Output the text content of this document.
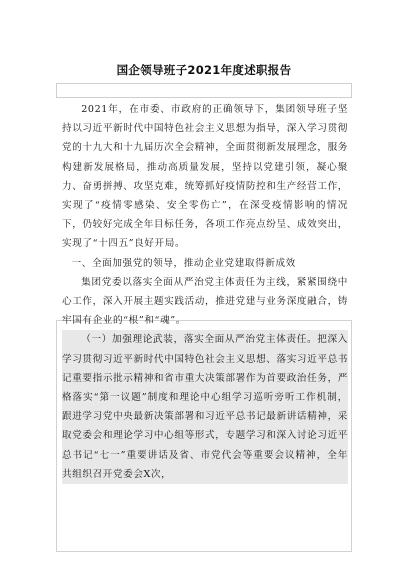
国企领导班子2021年度述职报告

2021年，在市委、市政府的正确领导下，集团领导班子坚持以习近平新时代中国特色社会主义思想为指导，深入学习贯彻党的十九大和十九届历次全会精神，全面贯彻新发展理念，服务构建新发展格局，推动高质量发展，坚持以党建引领，凝心聚力、奋勇拼搏、攻坚克难，统筹抓好疫情防控和生产经营工作，实现了“疫情零感染、安全零伤亡”，在深受疫情影响的情况下，仍较好完成全年目标任务，各项工作亮点纷呈、成效突出，实现了“十四五”良好开局。

一、全面加强党的领导，推动企业党建取得新成效

集团党委以落实全面从严治党主体责任为主线，紧紧围绕中心工作，深入开展主题实践活动，推进党建与业务深度融合，铸牢国有企业的“根”和“魂”。

（一）加强理论武装，落实全面从严治党主体责任。把深入学习贯彻习近平新时代中国特色社会主义思想、落实习近平总书记重要指示批示精神和省市重大决策部署作为首要政治任务，严格落实“第一议题”制度和理论中心组学习巡听旁听工作机制，跟进学习党中央最新决策部署和习近平总书记最新讲话精神，采取党委会和理论学习中心组等形式，专题学习和深入讨论习近平总书记“七一”重要讲话及省、市党代会等重要会议精神，全年共组织召开党委会X次，
